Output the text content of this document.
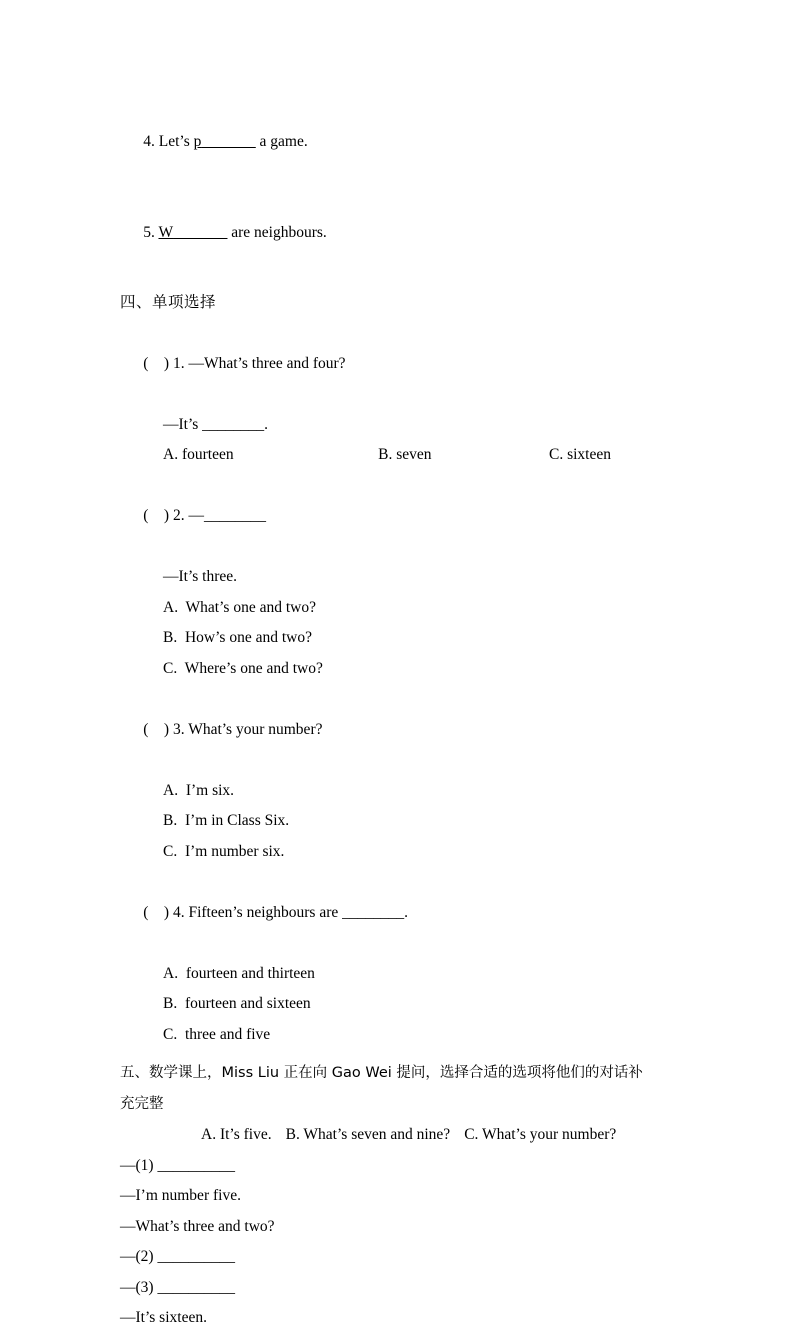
4. Let’s p_______ a game.

5. W_______ are neighbours.

四、单项选择

(    ) 1. —What’s three and four?

—It’s ________.
A. fourteen	B. seven	C. sixteen

(    ) 2. —________

—It’s three.
A.  What’s one and two?
B.  How’s one and two?
C.  Where’s one and two?

(    ) 3. What’s your number?

A.  I’m six.
B.  I’m in Class Six.
C.  I’m number six.

(    ) 4. Fifteen’s neighbours are ________.

A.  fourteen and thirteen
B.  fourteen and sixteen
C.  three and five
五、数学课上，Miss Liu 正在向 Gao Wei 提问，选择合适的选项将他们的对话补
充完整
A. It’s five. B. What’s seven and nine? C. What’s your number?
—(1) __________
—I’m number five.
—What’s three and two?
—(2) __________
—(3) __________
—It’s sixteen.
